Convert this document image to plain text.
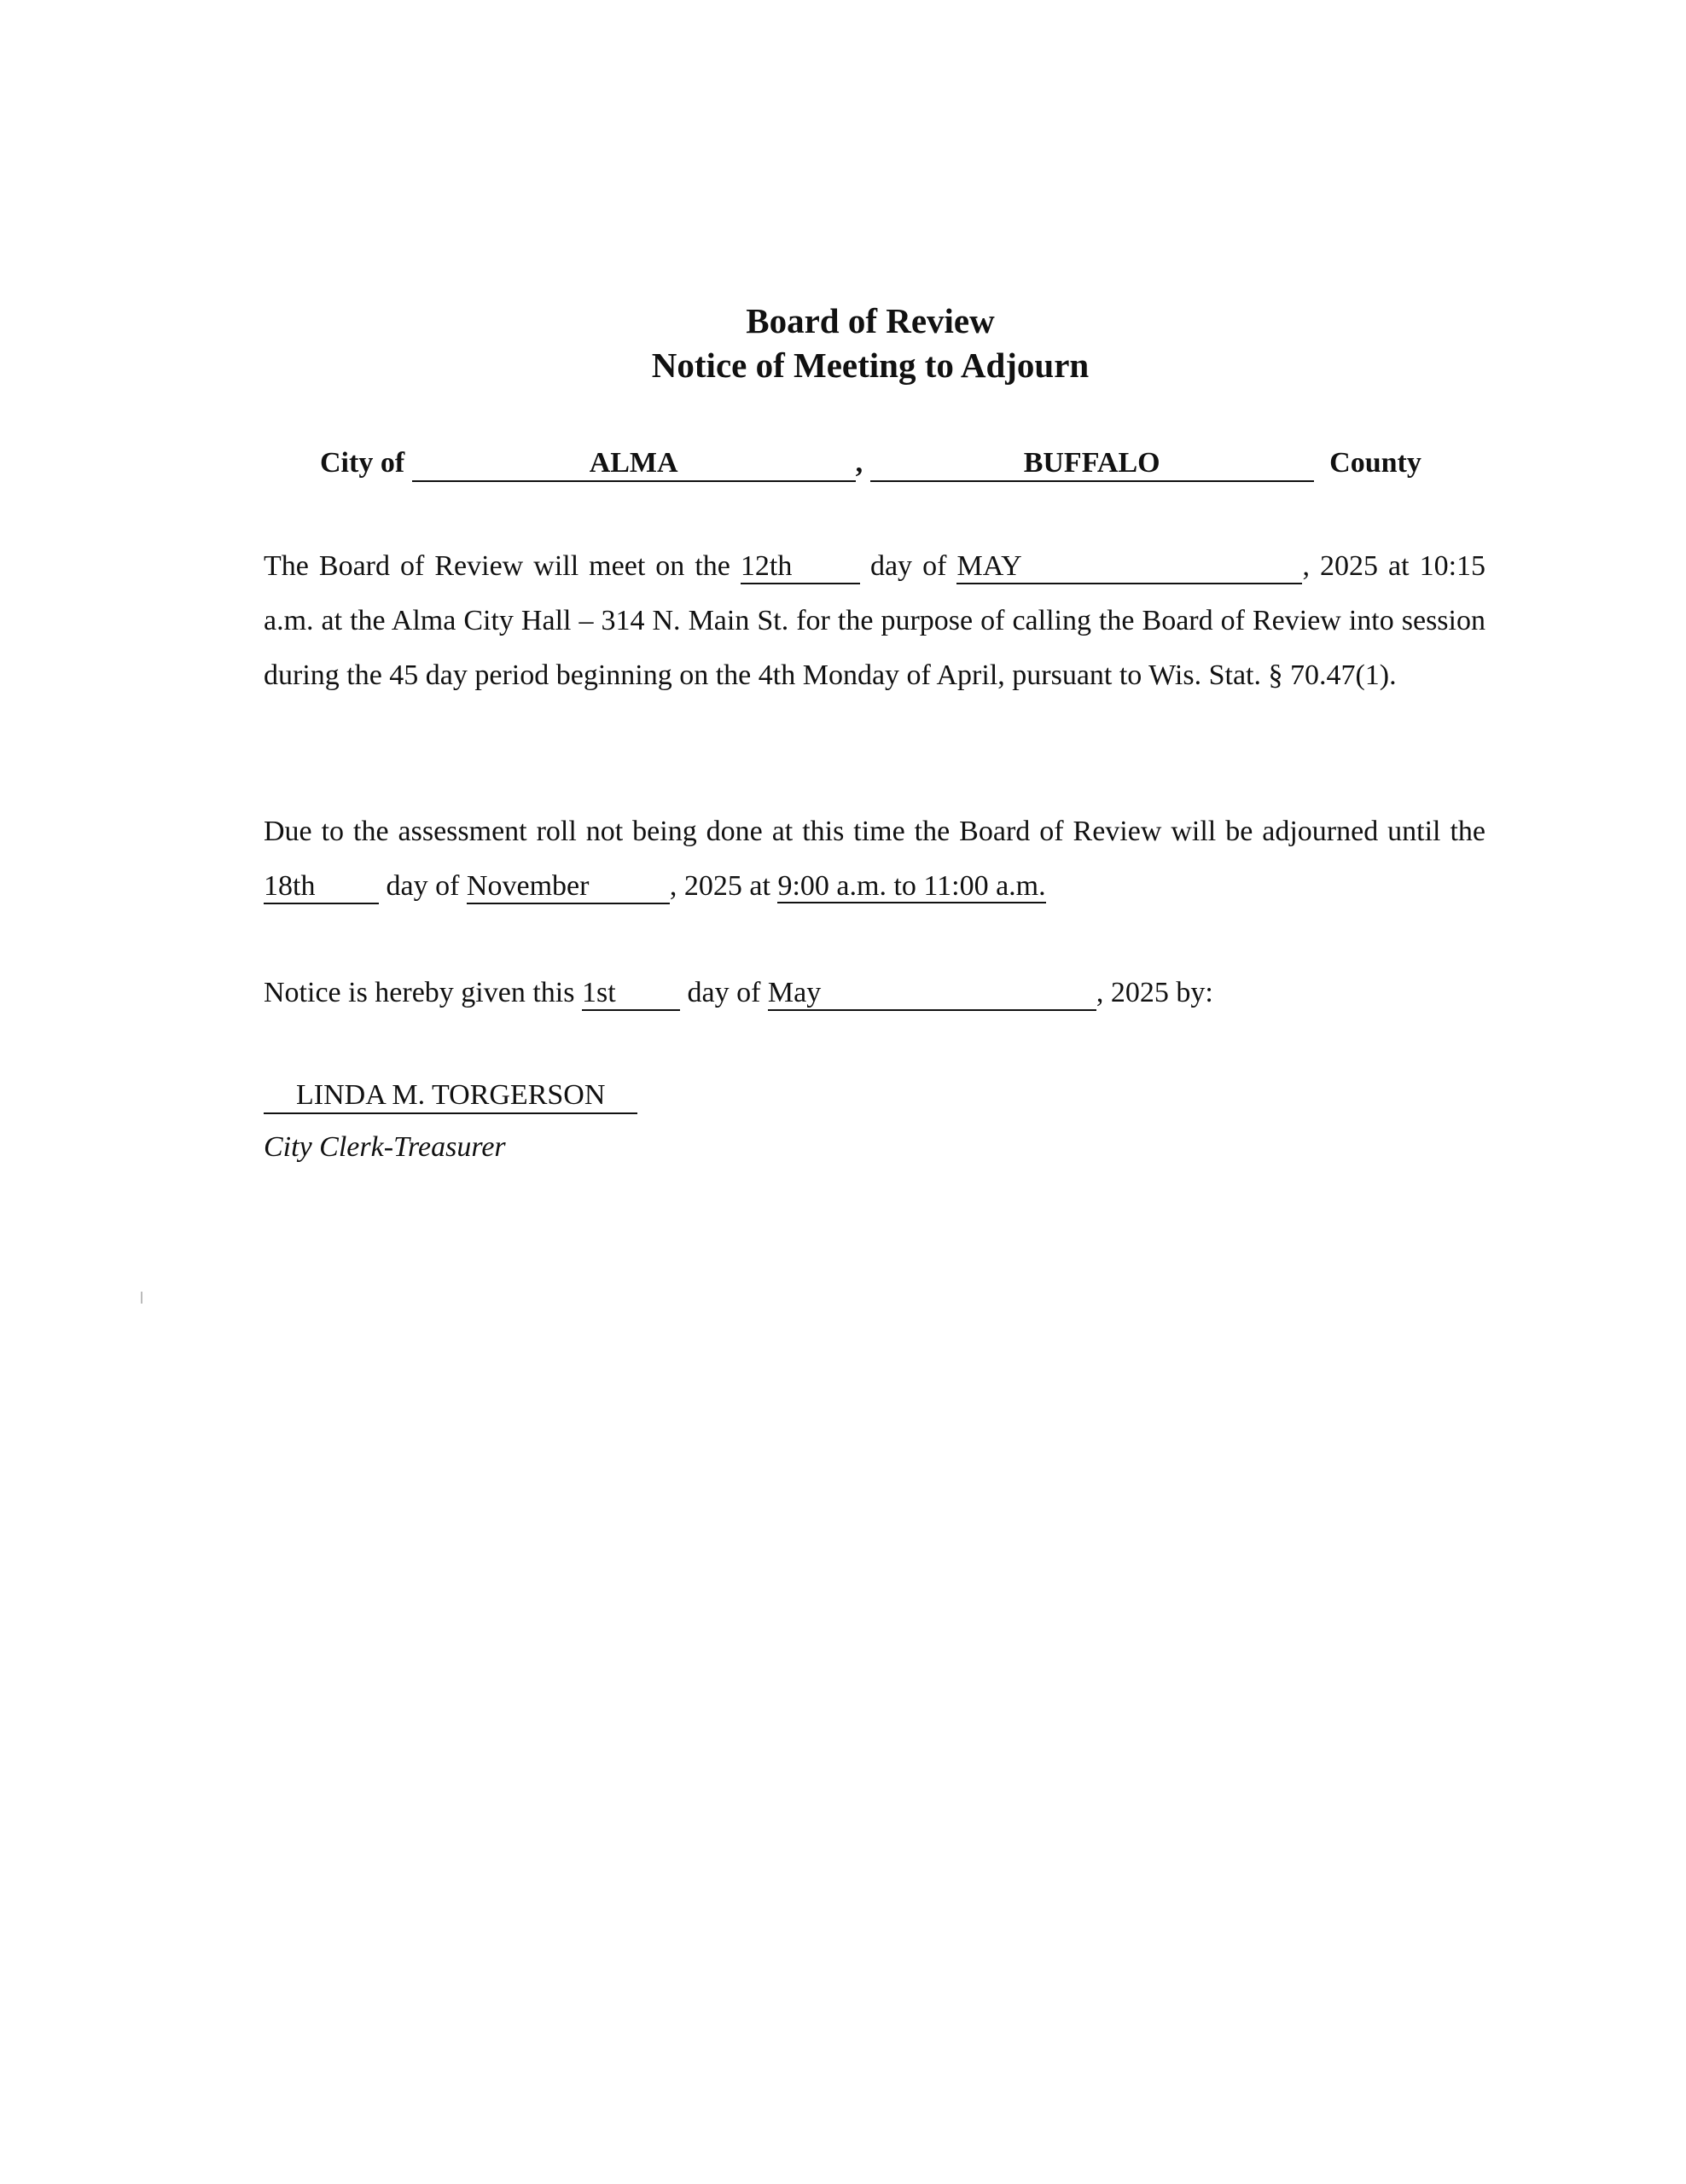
Board of Review
Notice of Meeting to Adjourn
City of	ALMA	,	BUFFALO	County
The Board of Review will meet on the 12th	day of MAY	, 2025 at 10:15 a.m. at the Alma City Hall – 314 N. Main St. for the purpose of calling the Board of Review into session during the 45 day period beginning on the 4th Monday of April, pursuant to Wis. Stat. § 70.47(1).
Due to the assessment roll not being done at this time the Board of Review will be adjourned until the 18th day of November	, 2025 at 9:00 a.m. to 11:00 a.m.
Notice is hereby given this 1st day of May	, 2025 by:
LINDA M. TORGERSON
City Clerk-Treasurer
